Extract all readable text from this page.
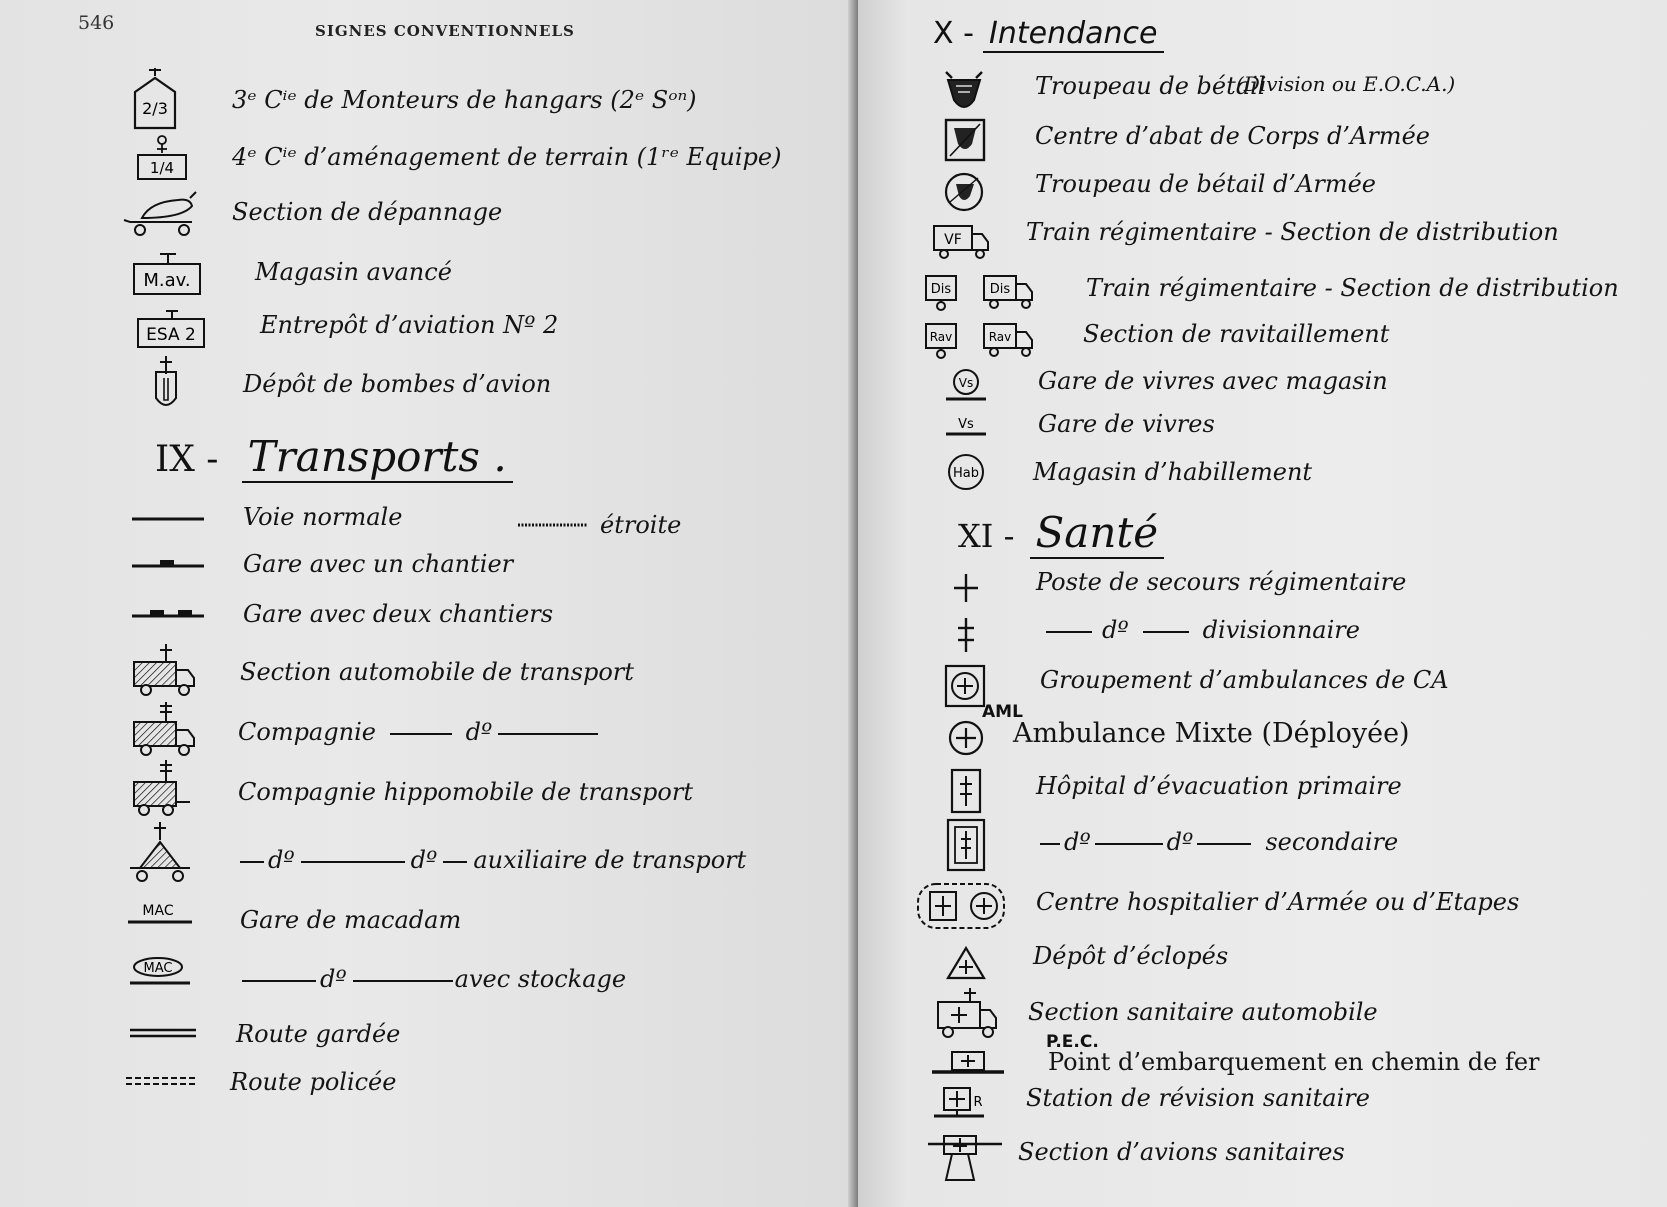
546	SIGNES CONVENTIONNELS
2/3	3ᵉ Cⁱᵉ de Monteurs de hangars (2ᵉ Sᵒⁿ)
1/4 4ᵉ Cⁱᵉ d’aménagement de terrain (1ʳᵉ Equipe)
Section de dépannage
M.av.	Magasin avancé
ESA 2	Entrepôt d’aviation Nº 2
Dépôt de bombes d’avion
IX - Transports .
Voie normale	étroite
Gare avec un chantier
Gare avec deux chantiers
Section automobile de transport
Compagnie	dº
Compagnie hippomobile de transport
dº	dº auxiliaire de transport
MAC	Gare de macadam
MAC	dº	avec stockage
Route gardée
Route policée
X - Intendance
Troupeau de bétail
(Division ou E.O.C.A.)
Centre d’abat de Corps d’Armée
Troupeau de bétail d’Armée
VF	Train régimentaire - Section de distribution
Dis	Dis	Train régimentaire - Section de distribution
Rav	Rav	Section de ravitaillement
Vs	Gare de vivres avec magasin
Vs	Gare de vivres
Hab Magasin d’habillement
XI - Santé
Poste de secours régimentaire
dº	divisionnaire
Groupement d’ambulances de CA
AML
Ambulance Mixte (Déployée)
Hôpital d’évacuation primaire
dº	dº	secondaire
Centre hospitalier d’Armée ou d’Etapes
Dépôt d’éclopés
Section sanitaire automobile
P.E.C.
Point d’embarquement en chemin de fer
R Station de révision sanitaire
Section d’avions sanitaires
